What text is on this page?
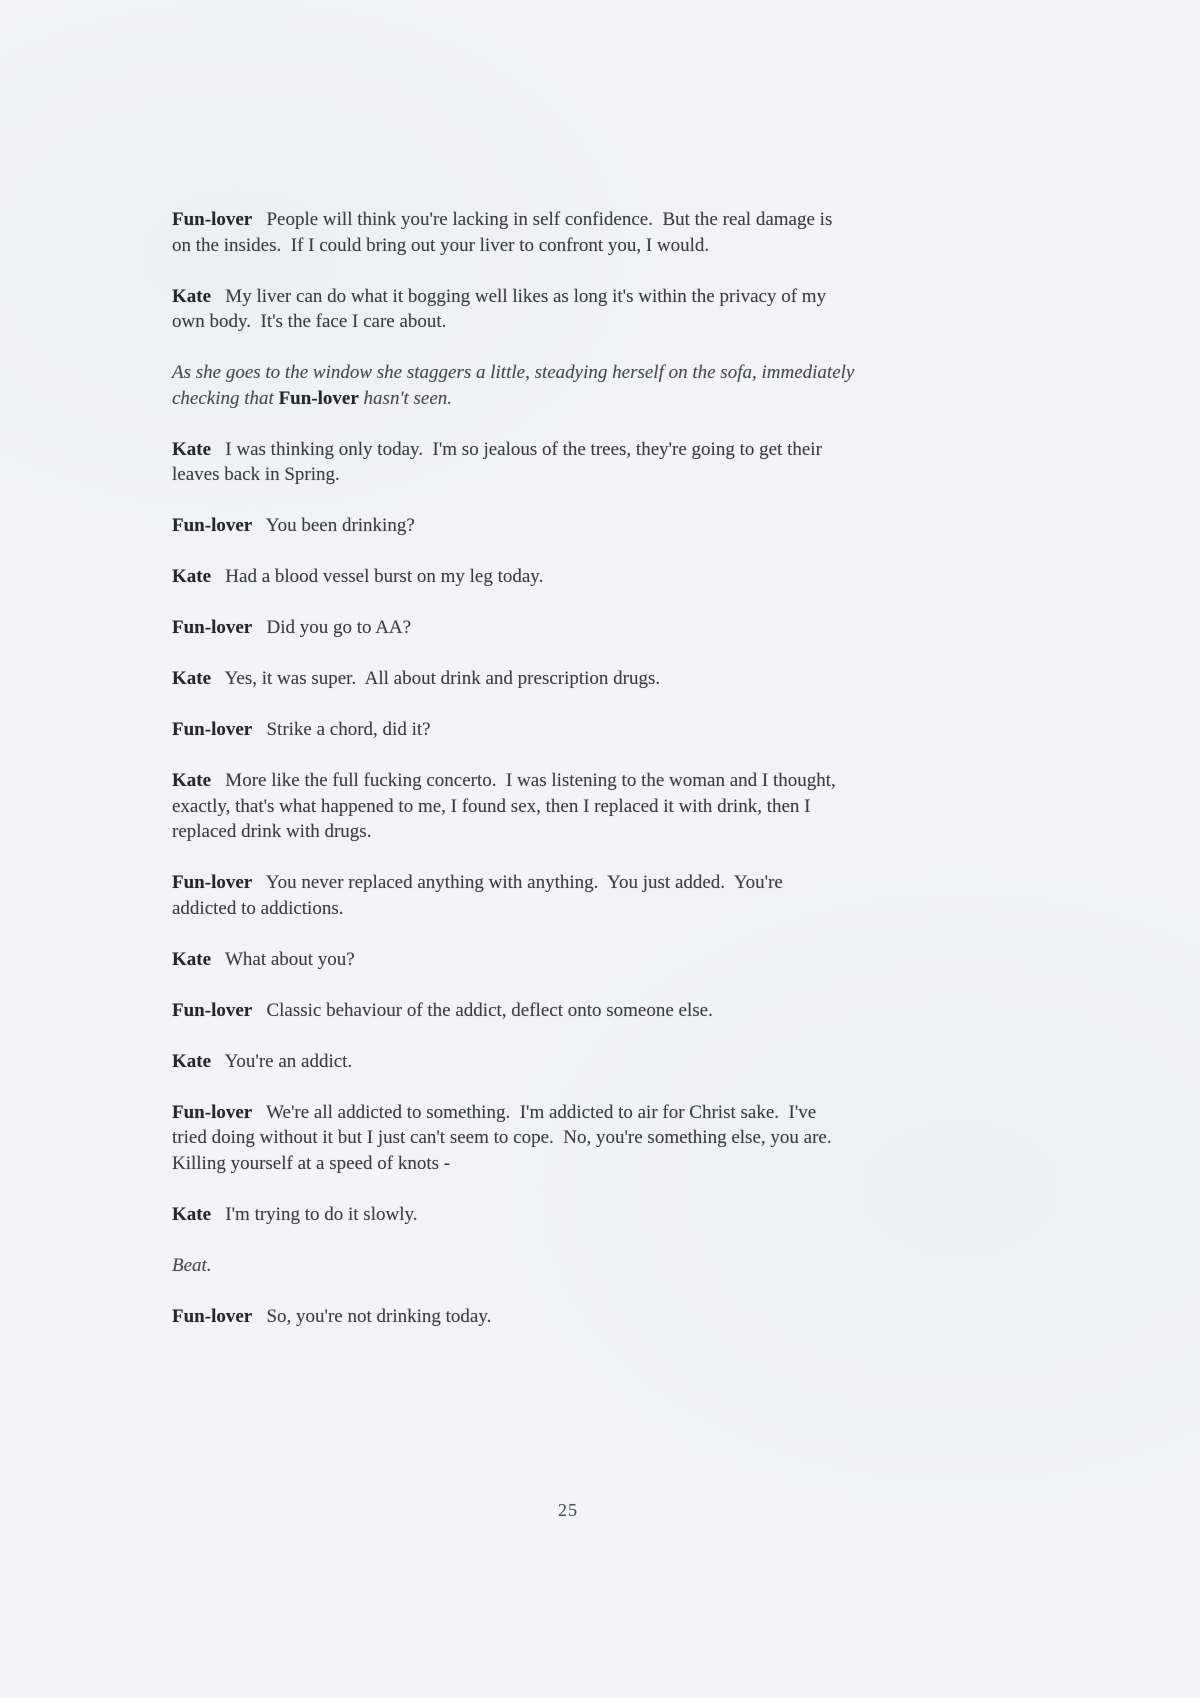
Fun-lover   People will think you're lacking in self confidence.  But the real damage is
on the insides.  If I could bring out your liver to confront you, I would.

Kate   My liver can do what it bogging well likes as long it's within the privacy of my
own body.  It's the face I care about.

As she goes to the window she staggers a little, steadying herself on the sofa, immediately
checking that Fun-lover hasn't seen.

Kate   I was thinking only today.  I'm so jealous of the trees, they're going to get their
leaves back in Spring.

Fun-lover   You been drinking?

Kate   Had a blood vessel burst on my leg today.

Fun-lover   Did you go to AA?

Kate   Yes, it was super.  All about drink and prescription drugs.

Fun-lover   Strike a chord, did it?

Kate   More like the full fucking concerto.  I was listening to the woman and I thought,
exactly, that's what happened to me, I found sex, then I replaced it with drink, then I
replaced drink with drugs.

Fun-lover   You never replaced anything with anything.  You just added.  You're
addicted to addictions.

Kate   What about you?

Fun-lover   Classic behaviour of the addict, deflect onto someone else.

Kate   You're an addict.

Fun-lover   We're all addicted to something.  I'm addicted to air for Christ sake.  I've
tried doing without it but I just can't seem to cope.  No, you're something else, you are.
Killing yourself at a speed of knots -

Kate   I'm trying to do it slowly.

Beat.

Fun-lover   So, you're not drinking today.

25
